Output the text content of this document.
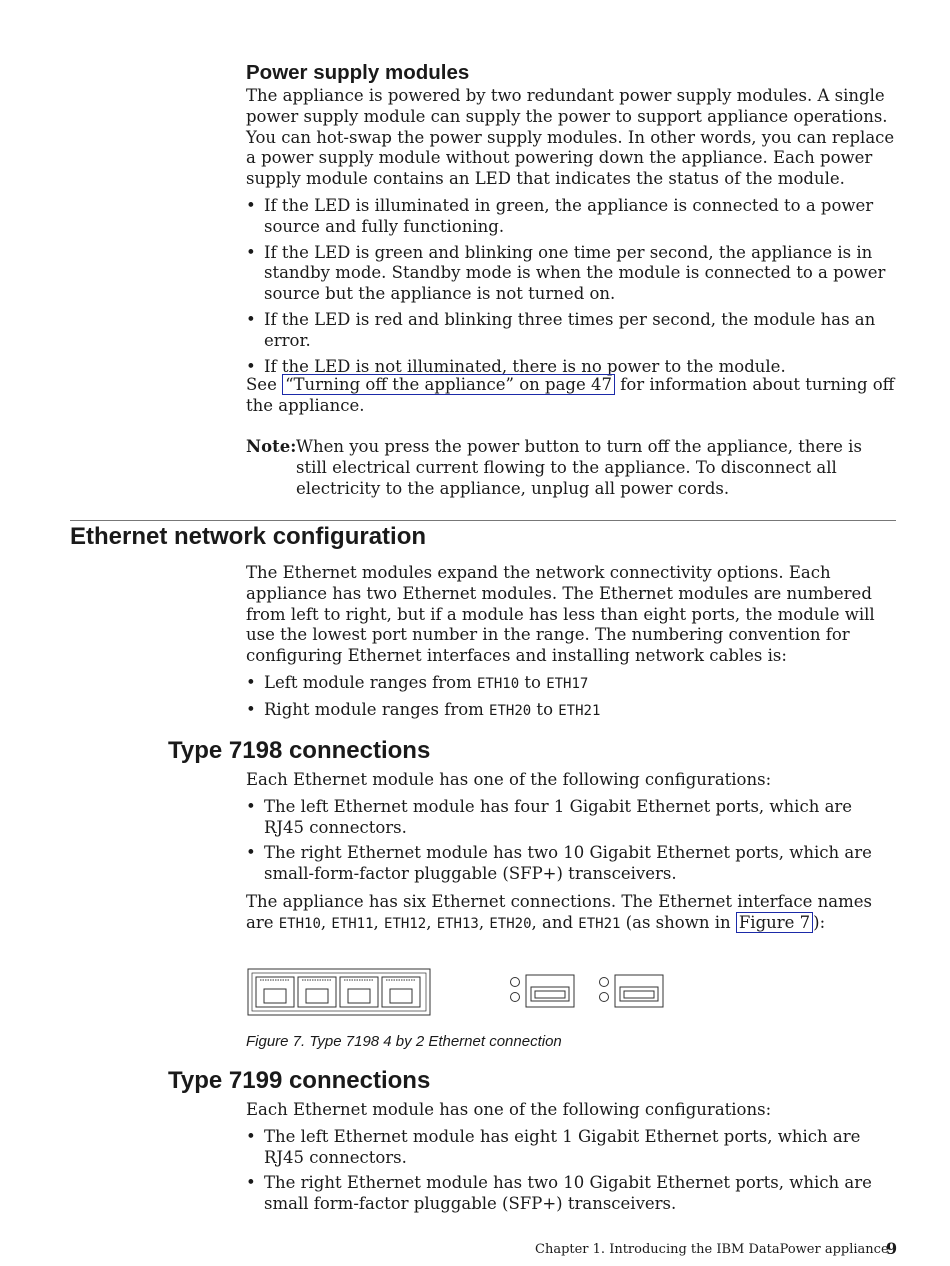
Power supply modules

The appliance is powered by two redundant power supply modules. A single power supply module can supply the power to support appliance operations. You can hot-swap the power supply modules. In other words, you can replace a power supply module without powering down the appliance. Each power supply module contains an LED that indicates the status of the module.

• If the LED is illuminated in green, the appliance is connected to a power source and fully functioning.
• If the LED is green and blinking one time per second, the appliance is in standby mode. Standby mode is when the module is connected to a power source but the appliance is not turned on.
• If the LED is red and blinking three times per second, the module has an error.
• If the LED is not illuminated, there is no power to the module.

See “Turning off the appliance” on page 47 for information about turning off the appliance.

Note: When you press the power button to turn off the appliance, there is still electrical current flowing to the appliance. To disconnect all electricity to the appliance, unplug all power cords.
Ethernet network configuration

The Ethernet modules expand the network connectivity options. Each appliance has two Ethernet modules. The Ethernet modules are numbered from left to right, but if a module has less than eight ports, the module will use the lowest port number in the range. The numbering convention for configuring Ethernet interfaces and installing network cables is:

• Left module ranges from ETH10 to ETH17
• Right module ranges from ETH20 to ETH21
Type 7198 connections

Each Ethernet module has one of the following configurations:

• The left Ethernet module has four 1 Gigabit Ethernet ports, which are RJ45 connectors.
• The right Ethernet module has two 10 Gigabit Ethernet ports, which are small-form-factor pluggable (SFP+) transceivers.

The appliance has six Ethernet connections. The Ethernet interface names are ETH10, ETH11, ETH12, ETH13, ETH20, and ETH21 (as shown in Figure 7 ):

Figure 7. Type 7198 4 by 2 Ethernet connection
Type 7199 connections

Each Ethernet module has one of the following configurations:

• The left Ethernet module has eight 1 Gigabit Ethernet ports, which are RJ45 connectors.
• The right Ethernet module has two 10 Gigabit Ethernet ports, which are small form-factor pluggable (SFP+) transceivers.
Chapter 1. Introducing the IBM DataPower appliance
9
